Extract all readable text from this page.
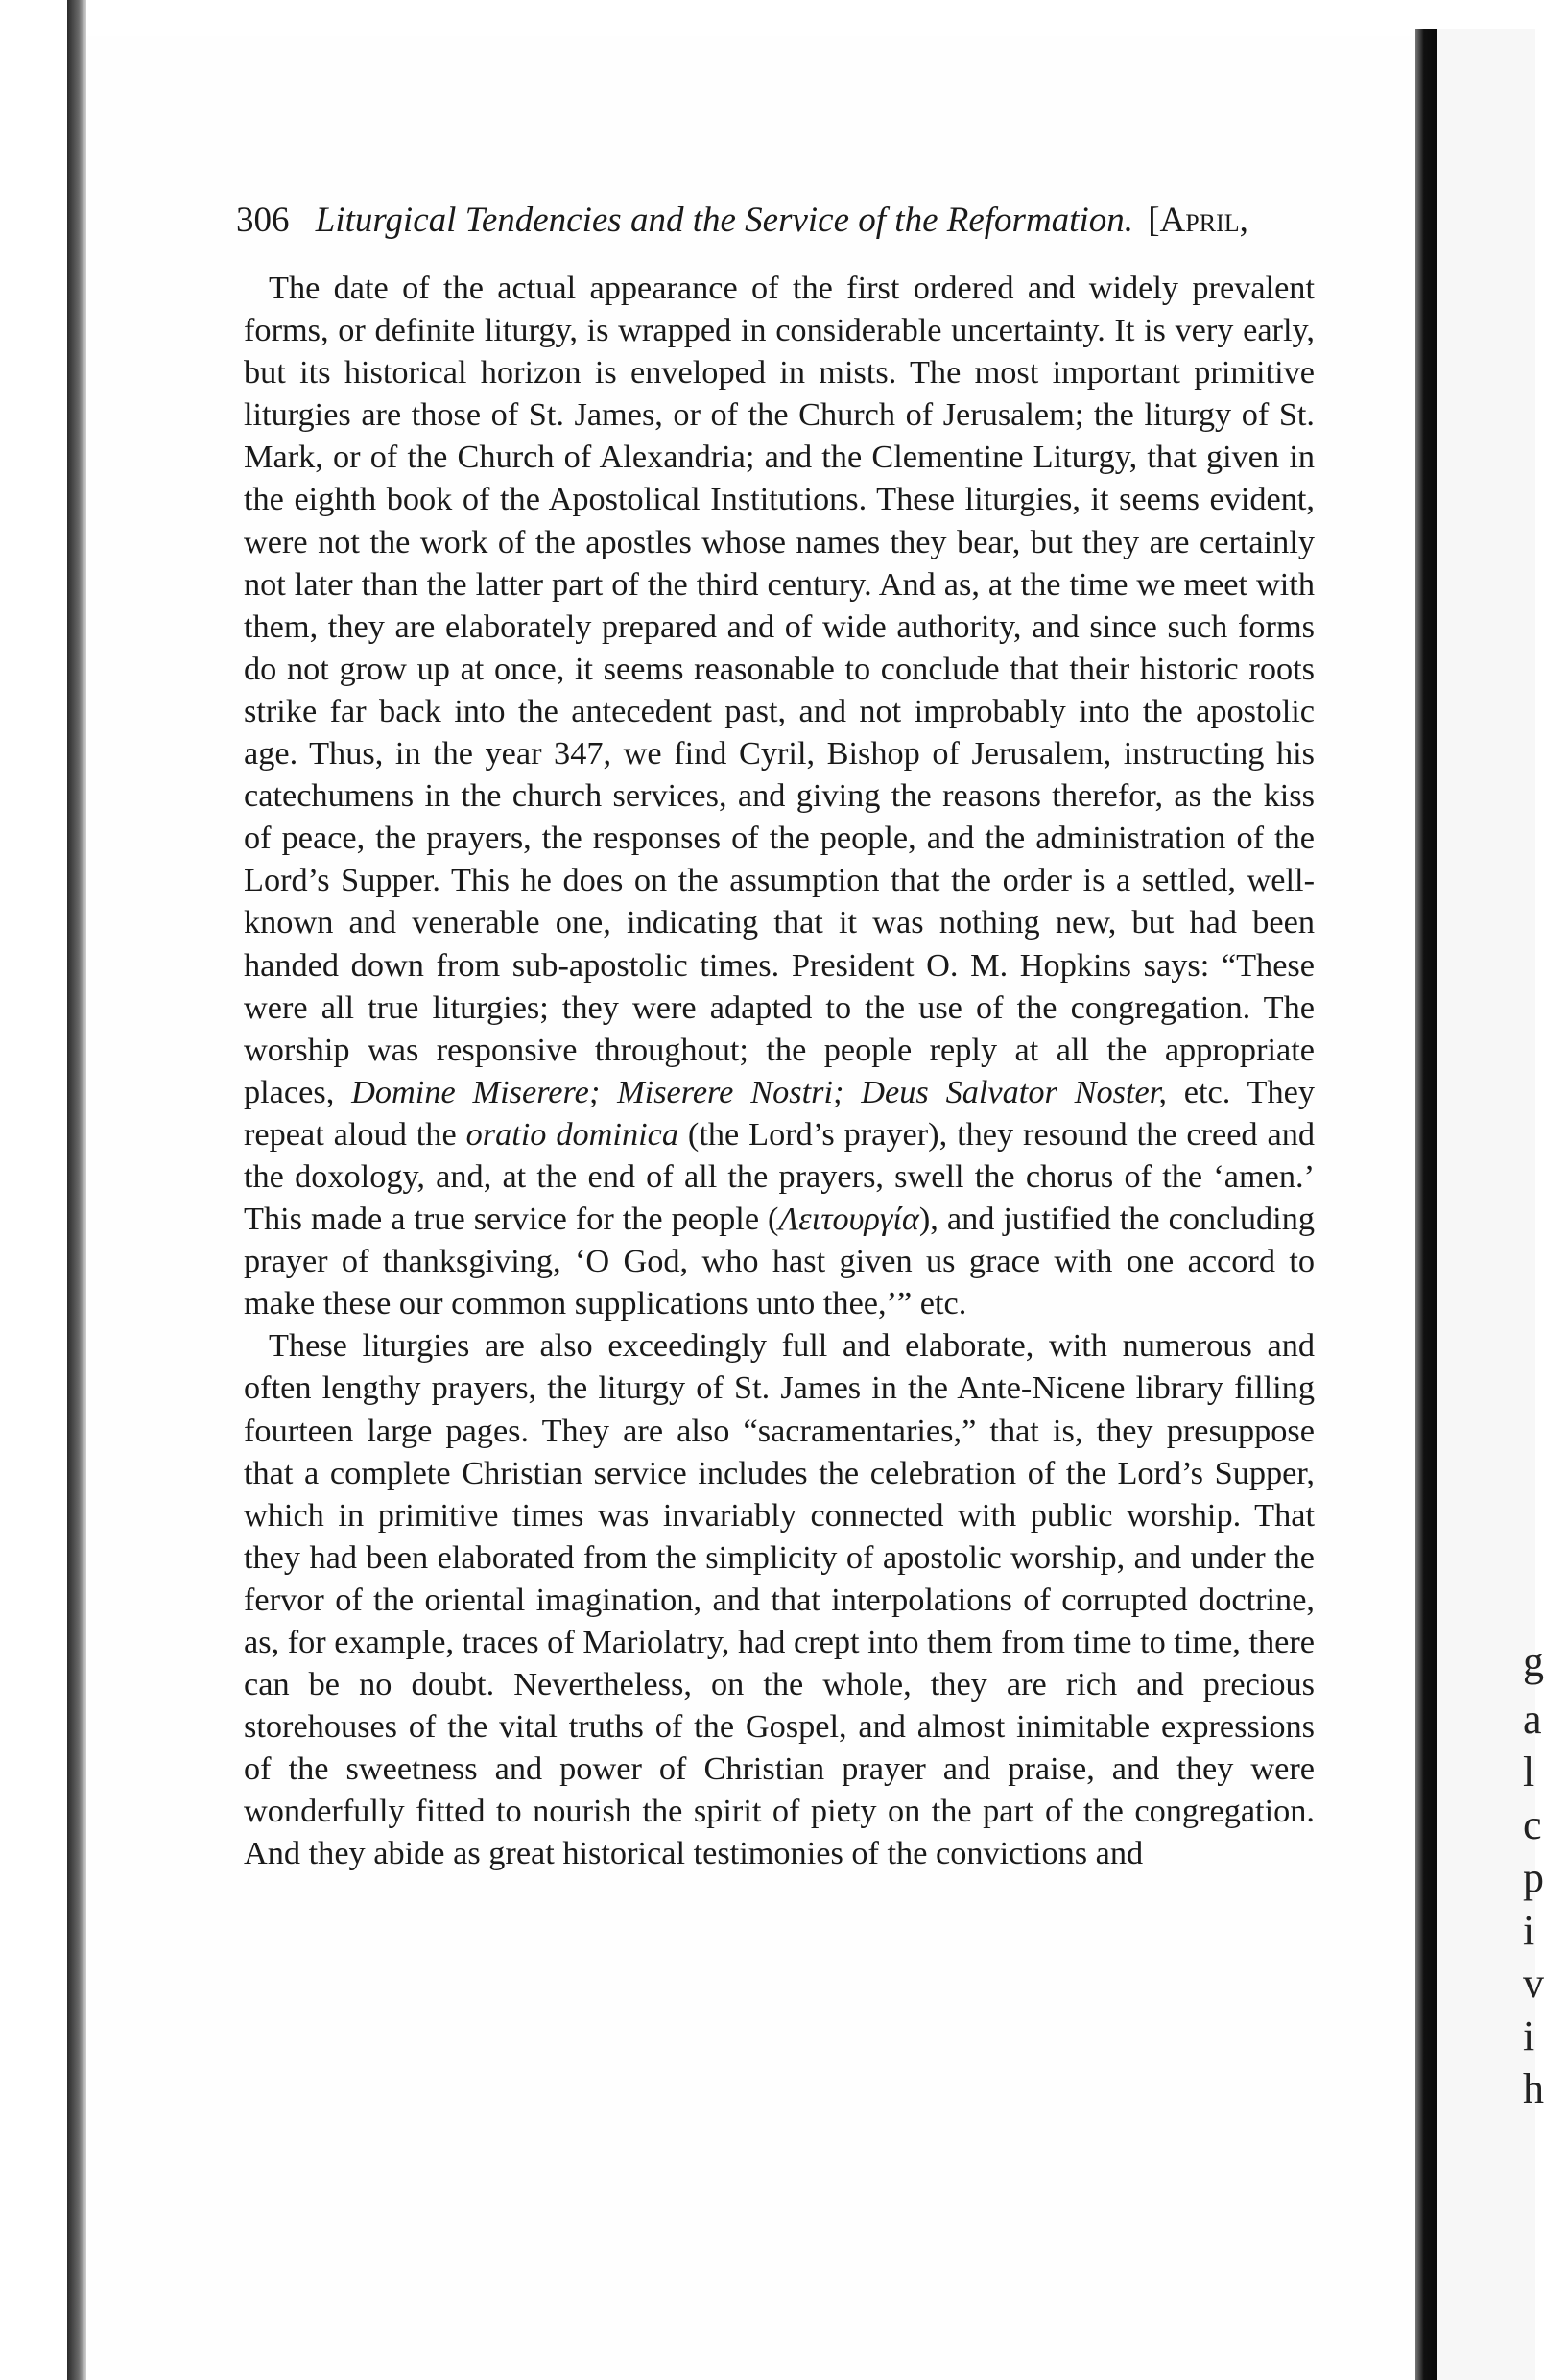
306 Liturgical Tendencies and the Service of the Reformation. [April,

The date of the actual appearance of the first ordered and widely prevalent forms, or definite liturgy, is wrapped in considerable uncertainty. It is very early, but its historical horizon is enveloped in mists. The most important primitive liturgies are those of St. James, or of the Church of Jerusalem; the liturgy of St. Mark, or of the Church of Alexandria; and the Clementine Liturgy, that given in the eighth book of the Apostolical Institutions. These liturgies, it seems evident, were not the work of the apostles whose names they bear, but they are certainly not later than the latter part of the third century. And as, at the time we meet with them, they are elaborately prepared and of wide authority, and since such forms do not grow up at once, it seems reasonable to conclude that their historic roots strike far back into the antecedent past, and not improbably into the apostolic age. Thus, in the year 347, we find Cyril, Bishop of Jerusalem, instructing his catechumens in the church services, and giving the reasons therefor, as the kiss of peace, the prayers, the responses of the people, and the administration of the Lord’s Supper. This he does on the assumption that the order is a settled, well-known and venerable one, indicating that it was nothing new, but had been handed down from sub-apostolic times. President O. M. Hopkins says: “These were all true liturgies; they were adapted to the use of the congregation. The worship was responsive throughout; the people reply at all the appropriate places, Domine Miserere; Miserere Nostri; Deus Salvator Noster, etc. They repeat aloud the oratio dominica (the Lord’s prayer), they resound the creed and the doxology, and, at the end of all the prayers, swell the chorus of the ‘amen.’ This made a true service for the people (Λειτουργία), and justified the concluding prayer of thanksgiving, ‘O God, who hast given us grace with one accord to make these our common supplications unto thee,’” etc.

These liturgies are also exceedingly full and elaborate, with numerous and often lengthy prayers, the liturgy of St. James in the Ante-Nicene library filling fourteen large pages. They are also “sacramentaries,” that is, they presuppose that a complete Christian service includes the celebration of the Lord’s Supper, which in primitive times was invariably connected with public worship. That they had been elaborated from the simplicity of apostolic worship, and under the fervor of the oriental imagination, and that interpolations of corrupted doctrine, as, for example, traces of Mariolatry, had crept into them from time to time, there can be no doubt. Nevertheless, on the whole, they are rich and precious storehouses of the vital truths of the Gospel, and almost inimitable expressions of the sweetness and power of Christian prayer and praise, and they were wonderfully fitted to nourish the spirit of piety on the part of the congregation. And they abide as great historical testimonies of the convictions and

g
a
l
c
p
i
v
i
h
